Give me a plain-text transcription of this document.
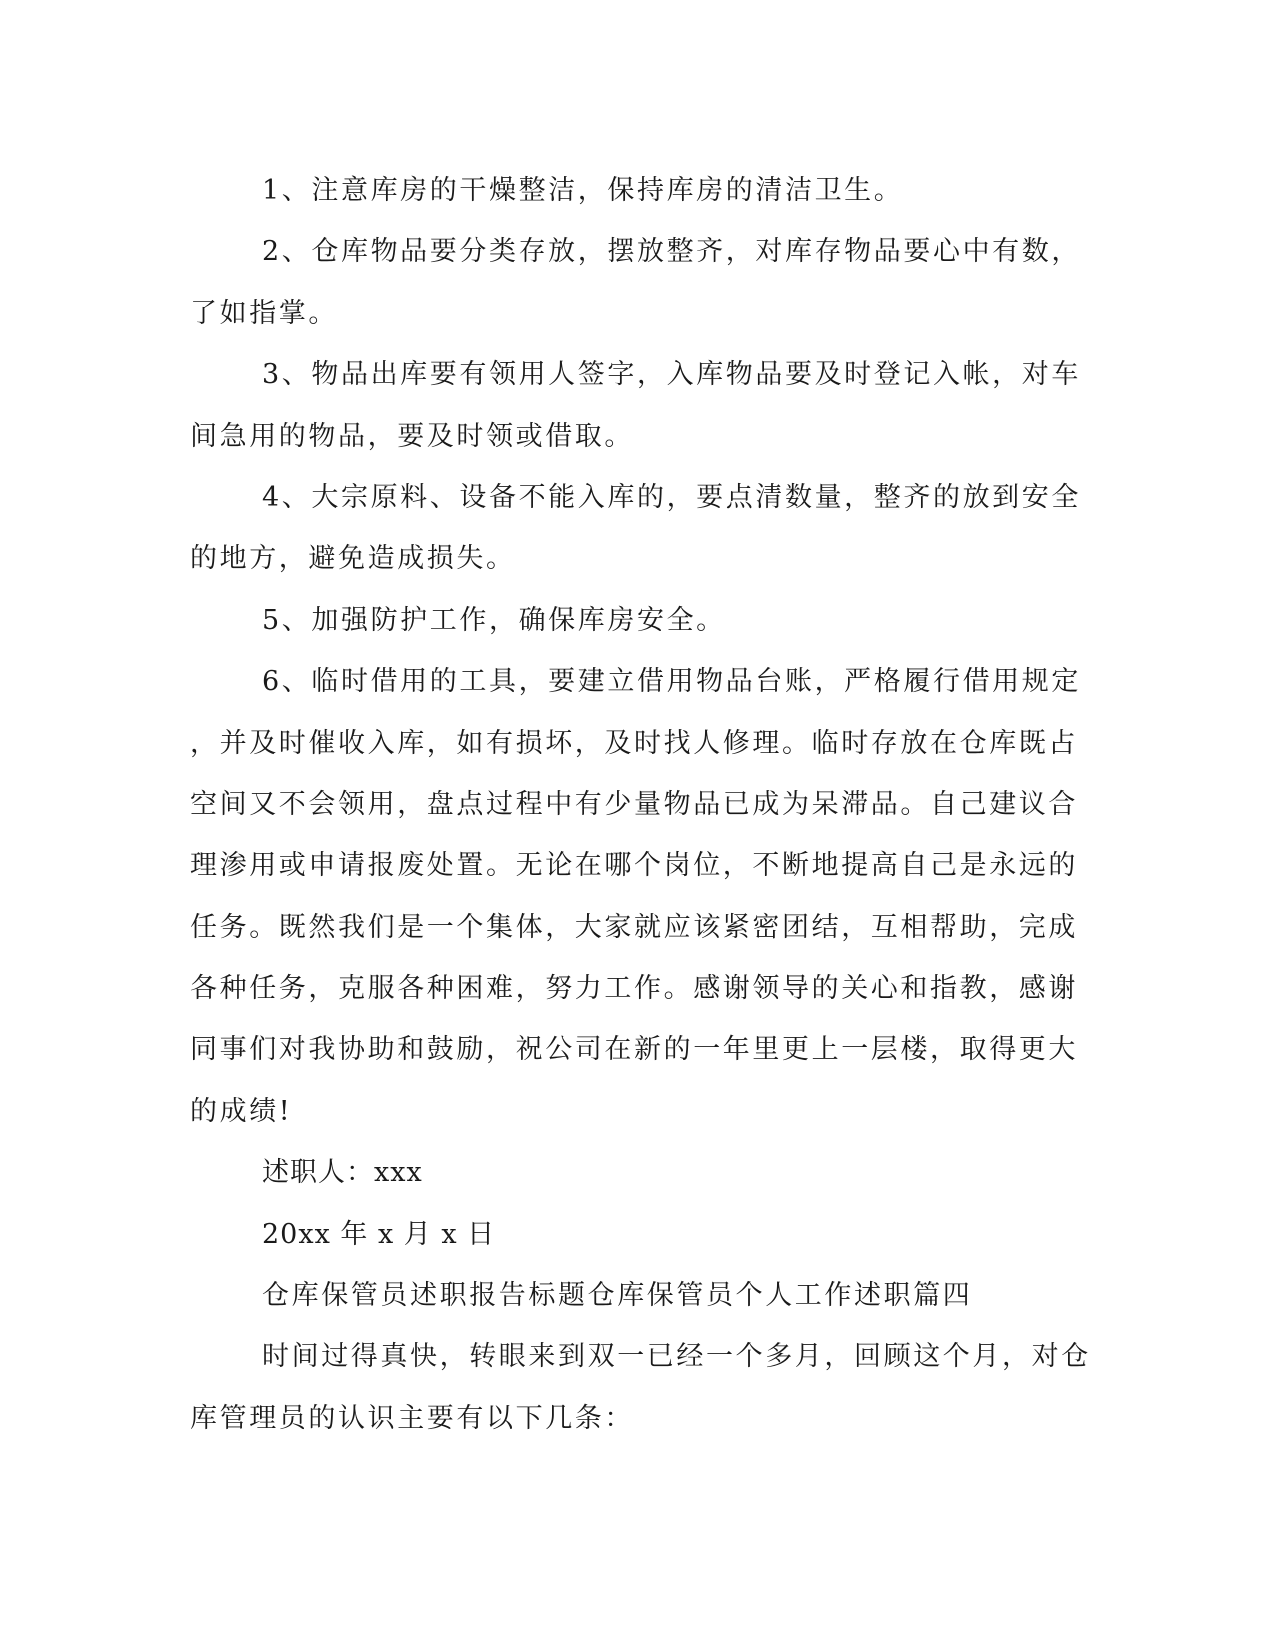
1、注意库房的干燥整洁，保持库房的清洁卫生。
2、仓库物品要分类存放，摆放整齐，对库存物品要心中有数，
了如指掌。
3、物品出库要有领用人签字，入库物品要及时登记入帐，对车
间急用的物品，要及时领或借取。
4、大宗原料、设备不能入库的，要点清数量，整齐的放到安全
的地方，避免造成损失。
5、加强防护工作，确保库房安全。
6、临时借用的工具，要建立借用物品台账，严格履行借用规定
，并及时催收入库，如有损坏，及时找人修理。临时存放在仓库既占
空间又不会领用，盘点过程中有少量物品已成为呆滞品。自己建议合
理渗用或申请报废处置。无论在哪个岗位，不断地提高自己是永远的
任务。既然我们是一个集体，大家就应该紧密团结，互相帮助，完成
各种任务，克服各种困难，努力工作。感谢领导的关心和指教，感谢
同事们对我协助和鼓励，祝公司在新的一年里更上一层楼，取得更大
的成绩!
述职人：xxx
20xx 年 x 月 x 日
仓库保管员述职报告标题仓库保管员个人工作述职篇四
时间过得真快，转眼来到双一已经一个多月，回顾这个月，对仓
库管理员的认识主要有以下几条：
